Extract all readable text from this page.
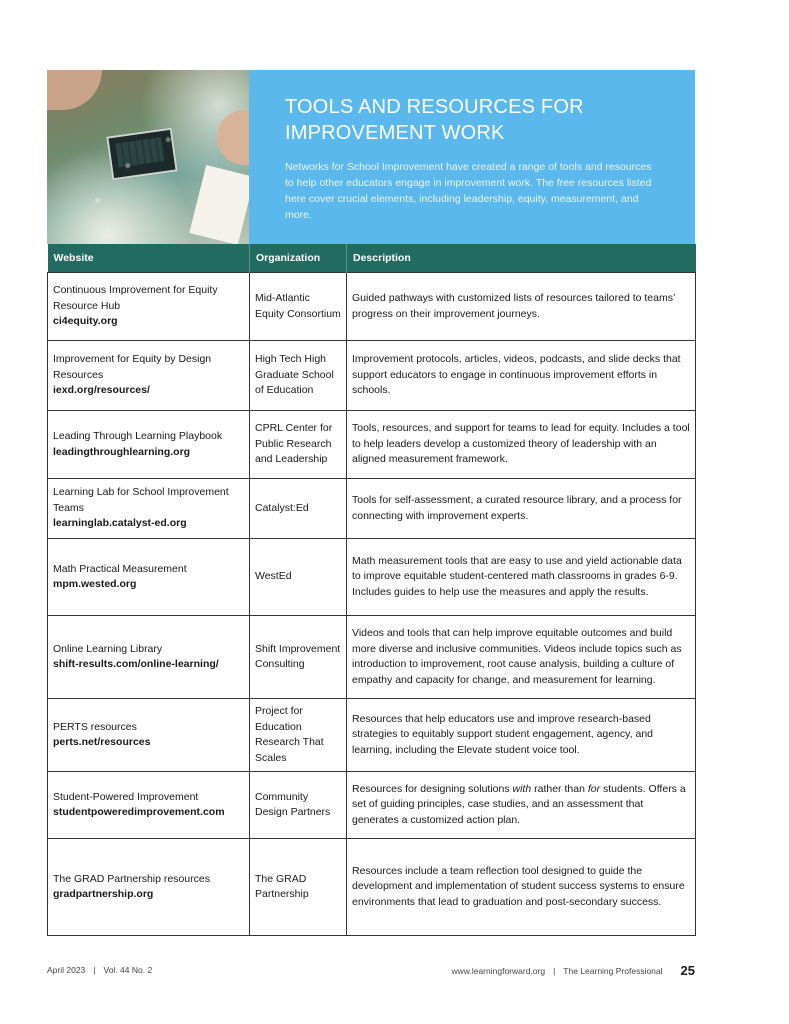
TOOLS AND RESOURCES FOR
IMPROVEMENT WORK

Networks for School Improvement have created a range of tools and resources to help other educators engage in improvement work. The free resources listed here cover crucial elements, including leadership, equity, measurement, and more.

Website	Organization	Description
Continuous Improvement for Equity Resource Hub
ci4equity.org	Mid-Atlantic Equity Consortium	Guided pathways with customized lists of resources tailored to teams’ progress on their improvement journeys.
Improvement for Equity by Design Resources
iexd.org/resources/	High Tech High Graduate School of Education	Improvement protocols, articles, videos, podcasts, and slide decks that support educators to engage in continuous improvement efforts in schools.
Leading Through Learning Playbook
leadingthroughlearning.org	CPRL Center for Public Research and Leadership	Tools, resources, and support for teams to lead for equity. Includes a tool to help leaders develop a customized theory of leadership with an aligned measurement framework.
Learning Lab for School Improvement Teams
learninglab.catalyst-ed.org	Catalyst:Ed	Tools for self-assessment, a curated resource library, and a process for connecting with improvement experts.
Math Practical Measurement
mpm.wested.org	WestEd	Math measurement tools that are easy to use and yield actionable data to improve equitable student-centered math classrooms in grades 6-9. Includes guides to help use the measures and apply the results.
Online Learning Library
shift-results.com/online-learning/	Shift Improvement Consulting	Videos and tools that can help improve equitable outcomes and build more diverse and inclusive communities. Videos include topics such as introduction to improvement, root cause analysis, building a culture of empathy and capacity for change, and measurement for learning.
PERTS resources
perts.net/resources	Project for Education Research That Scales	Resources that help educators use and improve research-based strategies to equitably support student engagement, agency, and learning, including the Elevate student voice tool.
Student-Powered Improvement
studentpoweredimprovement.com	Community Design Partners	Resources for designing solutions with rather than for students. Offers a set of guiding principles, case studies, and an assessment that generates a customized action plan.
The GRAD Partnership resources
gradpartnership.org	The GRAD Partnership	Resources include a team reflection tool designed to guide the development and implementation of student success systems to ensure environments that lead to graduation and post-secondary success.
April 2023 | Vol. 44 No. 2	www.learningforward.org | The Learning Professional 25
